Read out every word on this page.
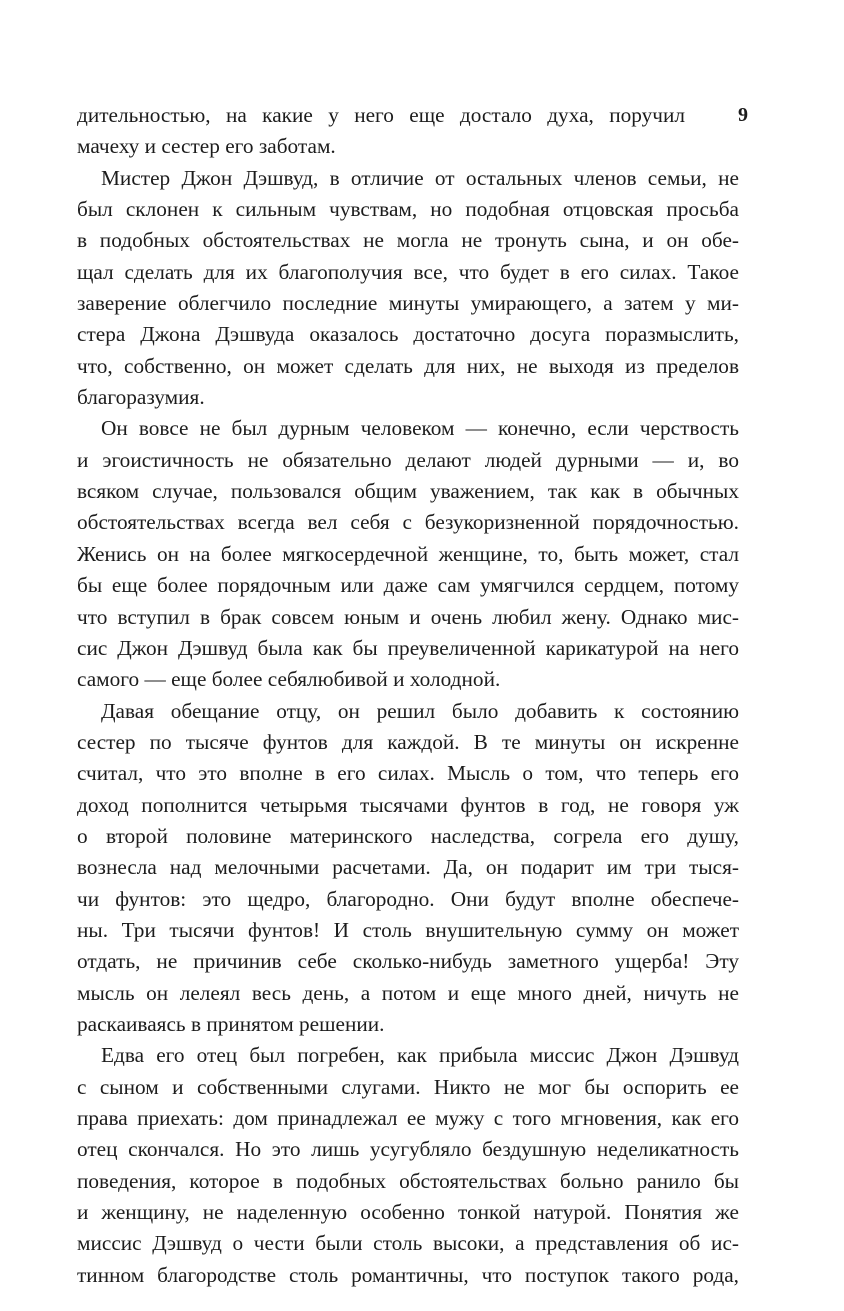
9
дительностью, на какие у него еще достало духа, поручил
мачеху и сестер его заботам.
Мистер Джон Дэшвуд, в отличие от остальных членов семьи, не
был склонен к сильным чувствам, но подобная отцовская просьба
в подобных обстоятельствах не могла не тронуть сына, и он обе-
щал сделать для их благополучия все, что будет в его силах. Такое
заверение облегчило последние минуты умирающего, а затем у ми-
стера Джона Дэшвуда оказалось достаточно досуга поразмыслить,
что, собственно, он может сделать для них, не выходя из пределов
благоразумия.
Он вовсе не был дурным человеком — конечно, если черствость
и эгоистичность не обязательно делают людей дурными — и, во
всяком случае, пользовался общим уважением, так как в обычных
обстоятельствах всегда вел себя с безукоризненной порядочностью.
Женись он на более мягкосердечной женщине, то, быть может, стал
бы еще более порядочным или даже сам умягчился сердцем, потому
что вступил в брак совсем юным и очень любил жену. Однако мис-
сис Джон Дэшвуд была как бы преувеличенной карикатурой на него
самого — еще более себялюбивой и холодной.
Давая обещание отцу, он решил было добавить к состоянию
сестер по тысяче фунтов для каждой. В те минуты он искренне
считал, что это вполне в его силах. Мысль о том, что теперь его
доход пополнится четырьмя тысячами фунтов в год, не говоря уж
о второй половине материнского наследства, согрела его душу,
вознесла над мелочными расчетами. Да, он подарит им три тыся-
чи фунтов: это щедро, благородно. Они будут вполне обеспече-
ны. Три тысячи фунтов! И столь внушительную сумму он может
отдать, не причинив себе сколько-нибудь заметного ущерба! Эту
мысль он лелеял весь день, а потом и еще много дней, ничуть не
раскаиваясь в принятом решении.
Едва его отец был погребен, как прибыла миссис Джон Дэшвуд
с сыном и собственными слугами. Никто не мог бы оспорить ее
права приехать: дом принадлежал ее мужу с того мгновения, как его
отец скончался. Но это лишь усугубляло бездушную неделикатность
поведения, которое в подобных обстоятельствах больно ранило бы
и женщину, не наделенную особенно тонкой натурой. Понятия же
миссис Дэшвуд о чести были столь высоки, а представления об ис-
тинном благородстве столь романтичны, что поступок такого рода,
